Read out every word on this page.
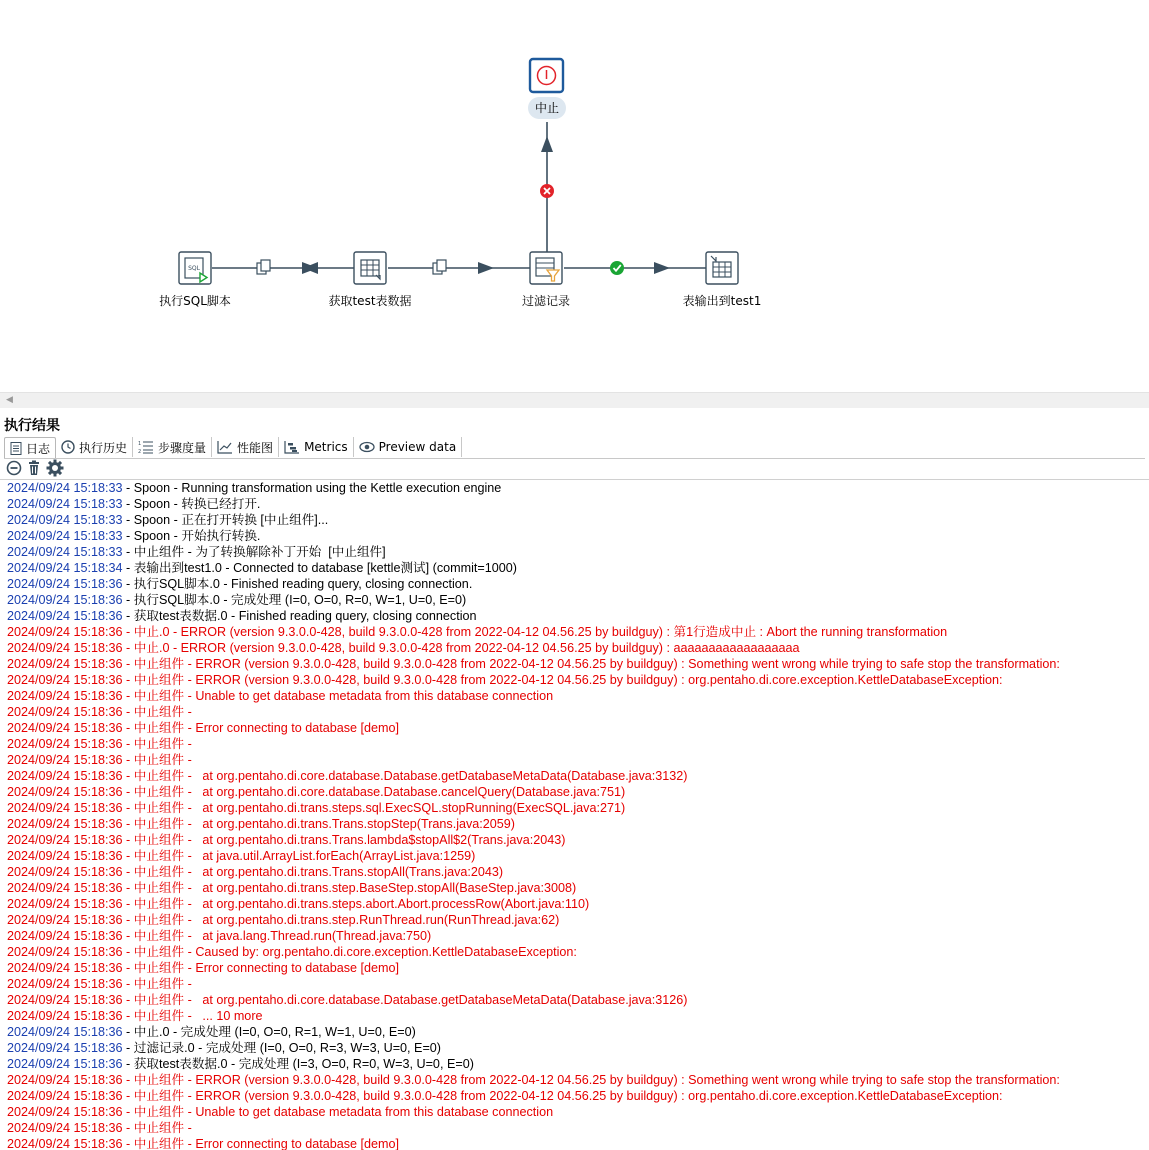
SQL
中止
执行SQL脚本	获取test表数据	过滤记录	表输出到test1
◀
执行结果
日志 执行历史 1
2 步骤度量	性能图	Metrics	Preview data
2024/09/24 15:18:33 - Spoon - Running transformation using the Kettle execution engine
2024/09/24 15:18:33 - Spoon - 转换已经打开.
2024/09/24 15:18:33 - Spoon - 正在打开转换 [中止组件]...
2024/09/24 15:18:33 - Spoon - 开始执行转换.
2024/09/24 15:18:33 - 中止组件 - 为了转换解除补丁开始  [中止组件]
2024/09/24 15:18:34 - 表输出到test1.0 - Connected to database [kettle测试] (commit=1000)
2024/09/24 15:18:36 - 执行SQL脚本.0 - Finished reading query, closing connection.
2024/09/24 15:18:36 - 执行SQL脚本.0 - 完成处理 (I=0, O=0, R=0, W=1, U=0, E=0)
2024/09/24 15:18:36 - 获取test表数据.0 - Finished reading query, closing connection
2024/09/24 15:18:36 - 中止.0 - ERROR (version 9.3.0.0-428, build 9.3.0.0-428 from 2022-04-12 04.56.25 by buildguy) : 第1行造成中止 : Abort the running transformation
2024/09/24 15:18:36 - 中止.0 - ERROR (version 9.3.0.0-428, build 9.3.0.0-428 from 2022-04-12 04.56.25 by buildguy) : aaaaaaaaaaaaaaaaaa
2024/09/24 15:18:36 - 中止组件 - ERROR (version 9.3.0.0-428, build 9.3.0.0-428 from 2022-04-12 04.56.25 by buildguy) : Something went wrong while trying to safe stop the transformation:
2024/09/24 15:18:36 - 中止组件 - ERROR (version 9.3.0.0-428, build 9.3.0.0-428 from 2022-04-12 04.56.25 by buildguy) : org.pentaho.di.core.exception.KettleDatabaseException:
2024/09/24 15:18:36 - 中止组件 - Unable to get database metadata from this database connection
2024/09/24 15:18:36 - 中止组件 -
2024/09/24 15:18:36 - 中止组件 - Error connecting to database [demo]
2024/09/24 15:18:36 - 中止组件 -
2024/09/24 15:18:36 - 中止组件 -
2024/09/24 15:18:36 - 中止组件 -   at org.pentaho.di.core.database.Database.getDatabaseMetaData(Database.java:3132)
2024/09/24 15:18:36 - 中止组件 -   at org.pentaho.di.core.database.Database.cancelQuery(Database.java:751)
2024/09/24 15:18:36 - 中止组件 -   at org.pentaho.di.trans.steps.sql.ExecSQL.stopRunning(ExecSQL.java:271)
2024/09/24 15:18:36 - 中止组件 -   at org.pentaho.di.trans.Trans.stopStep(Trans.java:2059)
2024/09/24 15:18:36 - 中止组件 -   at org.pentaho.di.trans.Trans.lambda$stopAll$2(Trans.java:2043)
2024/09/24 15:18:36 - 中止组件 -   at java.util.ArrayList.forEach(ArrayList.java:1259)
2024/09/24 15:18:36 - 中止组件 -   at org.pentaho.di.trans.Trans.stopAll(Trans.java:2043)
2024/09/24 15:18:36 - 中止组件 -   at org.pentaho.di.trans.step.BaseStep.stopAll(BaseStep.java:3008)
2024/09/24 15:18:36 - 中止组件 -   at org.pentaho.di.trans.steps.abort.Abort.processRow(Abort.java:110)
2024/09/24 15:18:36 - 中止组件 -   at org.pentaho.di.trans.step.RunThread.run(RunThread.java:62)
2024/09/24 15:18:36 - 中止组件 -   at java.lang.Thread.run(Thread.java:750)
2024/09/24 15:18:36 - 中止组件 - Caused by: org.pentaho.di.core.exception.KettleDatabaseException:
2024/09/24 15:18:36 - 中止组件 - Error connecting to database [demo]
2024/09/24 15:18:36 - 中止组件 -
2024/09/24 15:18:36 - 中止组件 -   at org.pentaho.di.core.database.Database.getDatabaseMetaData(Database.java:3126)
2024/09/24 15:18:36 - 中止组件 -   ... 10 more
2024/09/24 15:18:36 - 中止.0 - 完成处理 (I=0, O=0, R=1, W=1, U=0, E=0)
2024/09/24 15:18:36 - 过滤记录.0 - 完成处理 (I=0, O=0, R=3, W=3, U=0, E=0)
2024/09/24 15:18:36 - 获取test表数据.0 - 完成处理 (I=3, O=0, R=0, W=3, U=0, E=0)
2024/09/24 15:18:36 - 中止组件 - ERROR (version 9.3.0.0-428, build 9.3.0.0-428 from 2022-04-12 04.56.25 by buildguy) : Something went wrong while trying to safe stop the transformation:
2024/09/24 15:18:36 - 中止组件 - ERROR (version 9.3.0.0-428, build 9.3.0.0-428 from 2022-04-12 04.56.25 by buildguy) : org.pentaho.di.core.exception.KettleDatabaseException:
2024/09/24 15:18:36 - 中止组件 - Unable to get database metadata from this database connection
2024/09/24 15:18:36 - 中止组件 -
2024/09/24 15:18:36 - 中止组件 - Error connecting to database [demo]
